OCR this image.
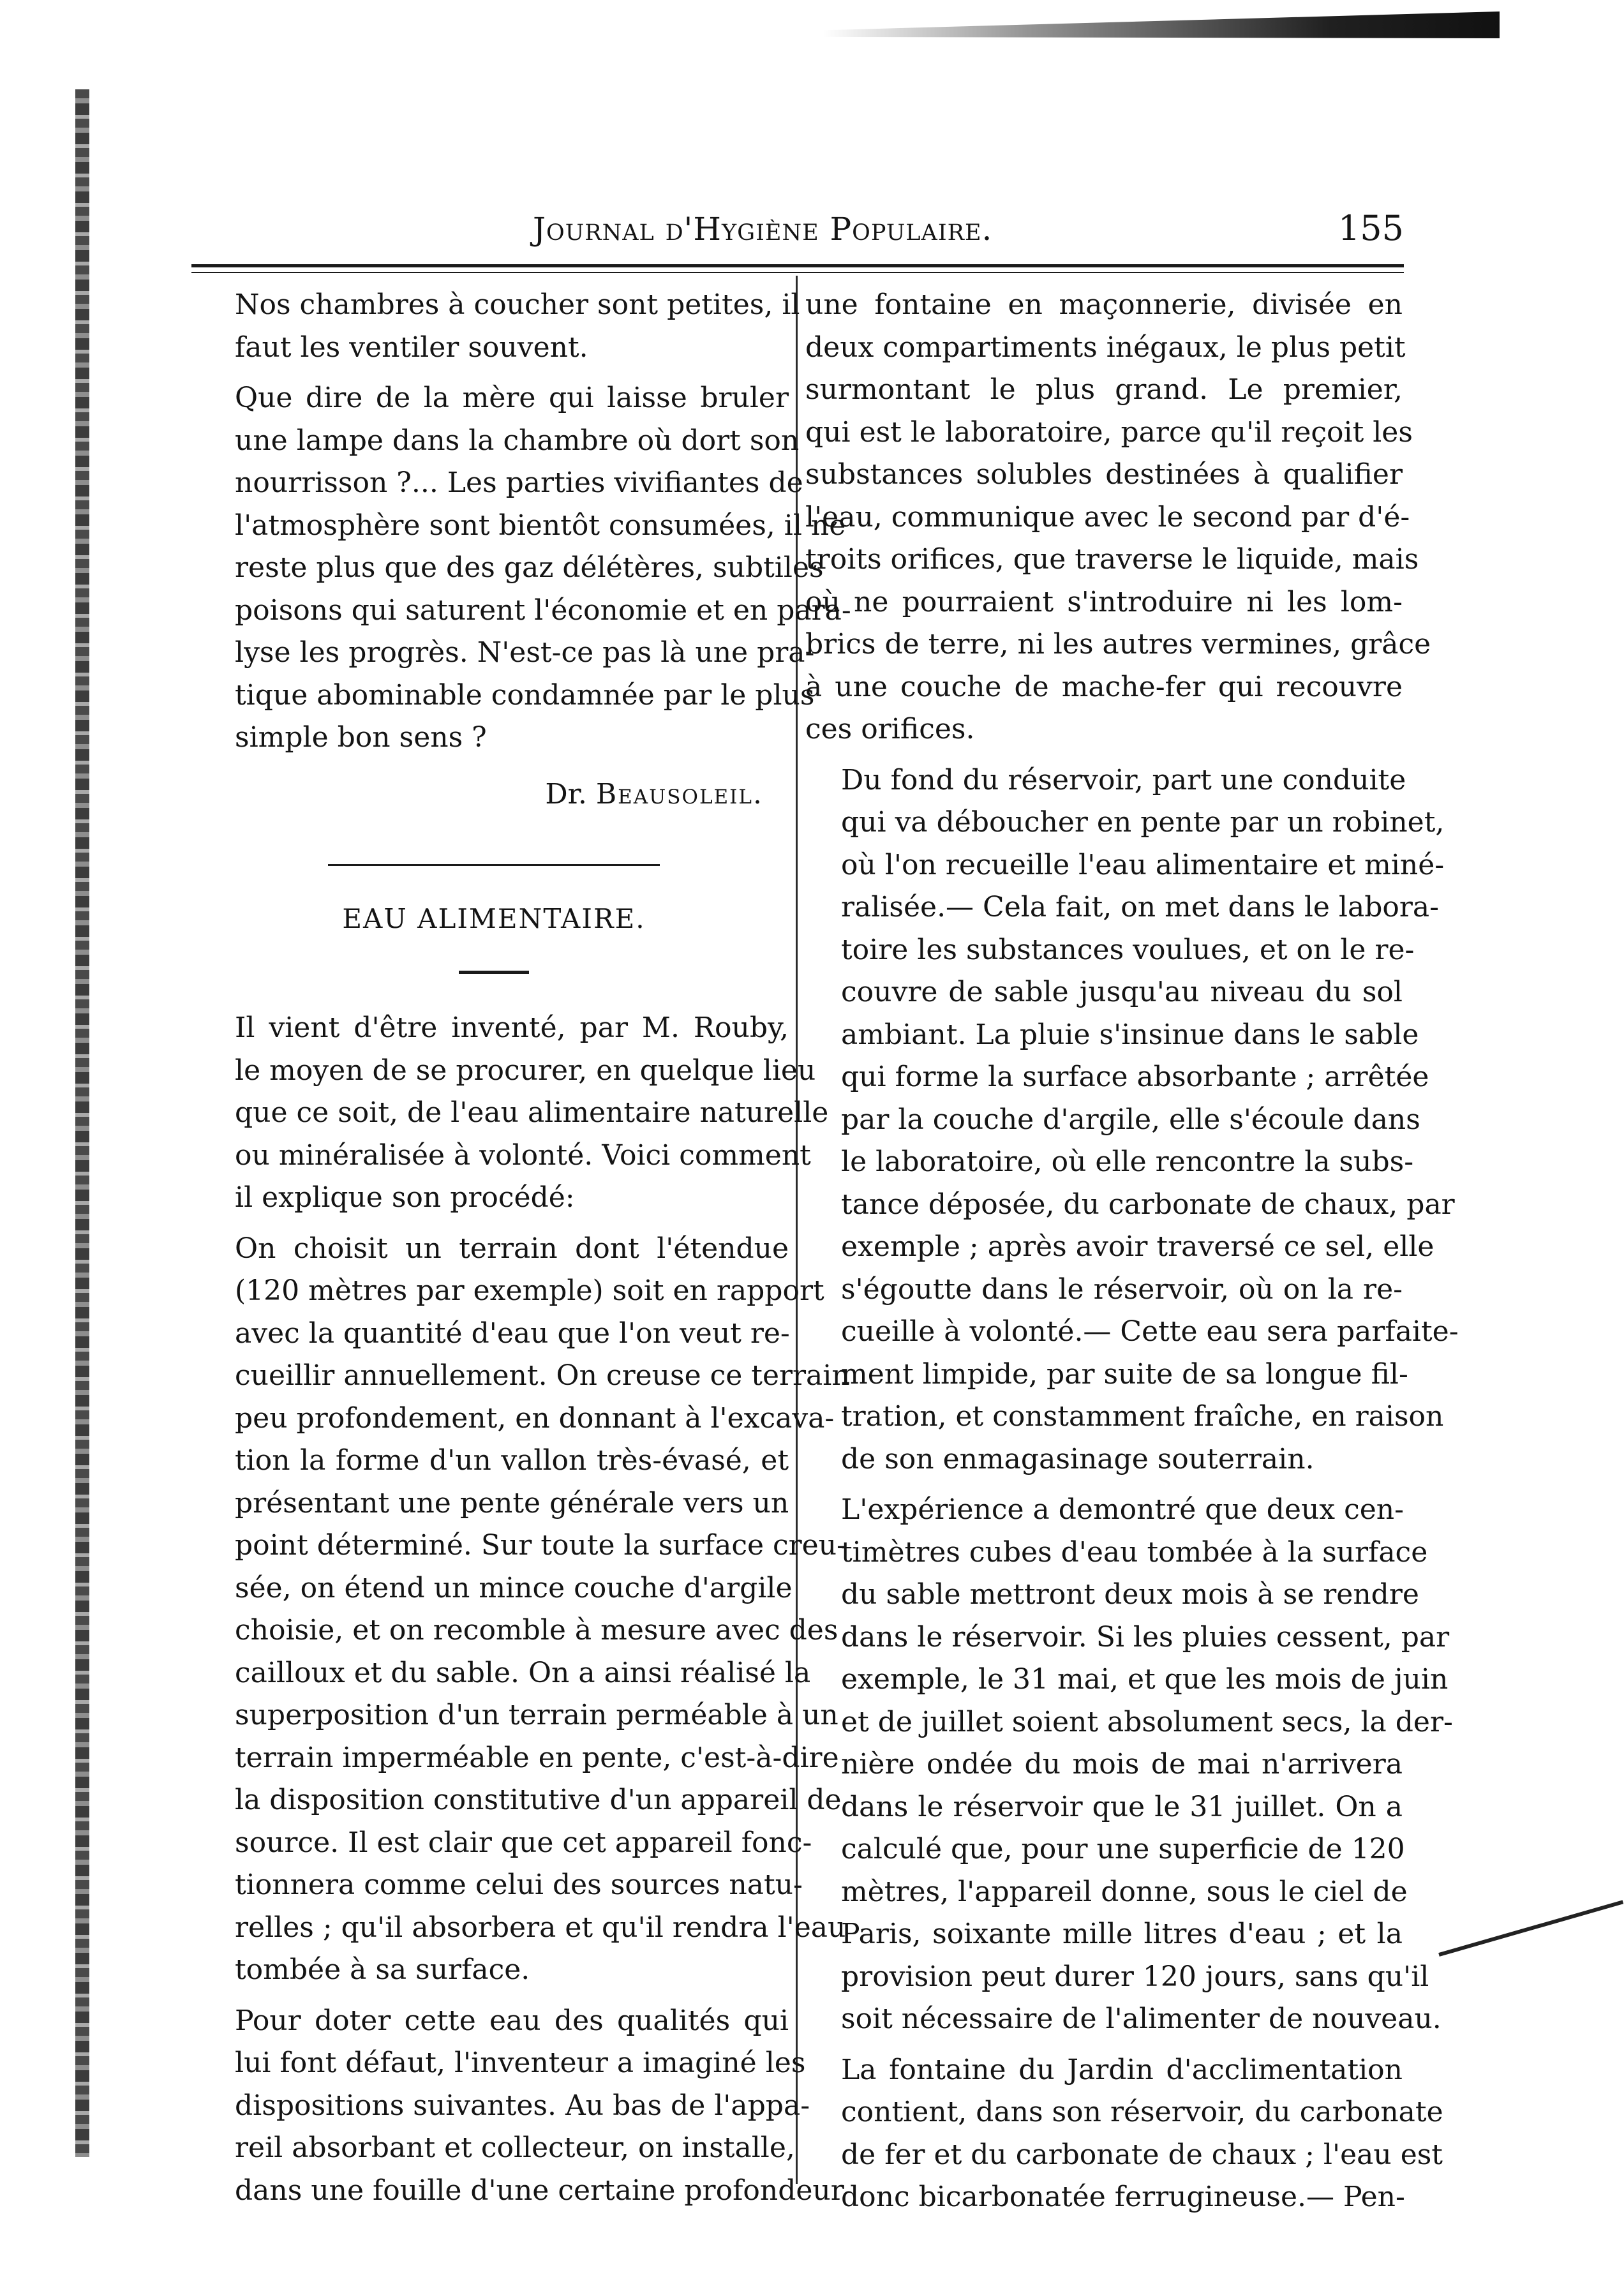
Journal d'Hygiène Populaire.	155

Nos chambres à coucher sont petites, il
faut les ventiler souvent.

Que dire de la mère qui laisse bruler
une lampe dans la chambre où dort son
nourrisson ?... Les parties vivifiantes de
l'atmosphère sont bientôt consumées, il ne
reste plus que des gaz délétères, subtiles
poisons qui saturent l'économie et en para-
lyse les progrès. N'est-ce pas là une pra-
tique abominable condamnée par le plus
simple bon sens ?

Dr. Beausoleil.
EAU ALIMENTAIRE.

Il vient d'être inventé, par M. Rouby,
le moyen de se procurer, en quelque lieu
que ce soit, de l'eau alimentaire naturelle
ou minéralisée à volonté. Voici comment
il explique son procédé:

On choisit un terrain dont l'étendue
(120 mètres par exemple) soit en rapport
avec la quantité d'eau que l'on veut re-
cueillir annuellement. On creuse ce terrain
peu profondement, en donnant à l'excava-
tion la forme d'un vallon très-évasé, et
présentant une pente générale vers un
point déterminé. Sur toute la surface creu-
sée, on étend un mince couche d'argile
choisie, et on recomble à mesure avec des
cailloux et du sable. On a ainsi réalisé la
superposition d'un terrain perméable à un
terrain imperméable en pente, c'est-à-dire
la disposition constitutive d'un appareil de
source. Il est clair que cet appareil fonc-
tionnera comme celui des sources natu-
relles ; qu'il absorbera et qu'il rendra l'eau
tombée à sa surface.

Pour doter cette eau des qualités qui
lui font défaut, l'inventeur a imaginé les
dispositions suivantes. Au bas de l'appa-
reil absorbant et collecteur, on installe,
dans une fouille d'une certaine profondeur

une fontaine en maçonnerie, divisée en
deux compartiments inégaux, le plus petit
surmontant le plus grand. Le premier,
qui est le laboratoire, parce qu'il reçoit les
substances solubles destinées à qualifier
l'eau, communique avec le second par d'é-
troits orifices, que traverse le liquide, mais
où ne pourraient s'introduire ni les lom-
brics de terre, ni les autres vermines, grâce
à une couche de mache-fer qui recouvre
ces orifices.

Du fond du réservoir, part une conduite
qui va déboucher en pente par un robinet,
où l'on recueille l'eau alimentaire et miné-
ralisée.— Cela fait, on met dans le labora-
toire les substances voulues, et on le re-
couvre de sable jusqu'au niveau du sol
ambiant. La pluie s'insinue dans le sable
qui forme la surface absorbante ; arrêtée
par la couche d'argile, elle s'écoule dans
le laboratoire, où elle rencontre la subs-
tance déposée, du carbonate de chaux, par
exemple ; après avoir traversé ce sel, elle
s'égoutte dans le réservoir, où on la re-
cueille à volonté.— Cette eau sera parfaite-
ment limpide, par suite de sa longue fil-
tration, et constamment fraîche, en raison
de son enmagasinage souterrain.

L'expérience a demontré que deux cen-
timètres cubes d'eau tombée à la surface
du sable mettront deux mois à se rendre
dans le réservoir. Si les pluies cessent, par
exemple, le 31 mai, et que les mois de juin
et de juillet soient absolument secs, la der-
nière ondée du mois de mai n'arrivera
dans le réservoir que le 31 juillet. On a
calculé que, pour une superficie de 120
mètres, l'appareil donne, sous le ciel de
Paris, soixante mille litres d'eau ; et la
provision peut durer 120 jours, sans qu'il
soit nécessaire de l'alimenter de nouveau.

La fontaine du Jardin d'acclimentation
contient, dans son réservoir, du carbonate
de fer et du carbonate de chaux ; l'eau est
donc bicarbonatée ferrugineuse.— Pen-
